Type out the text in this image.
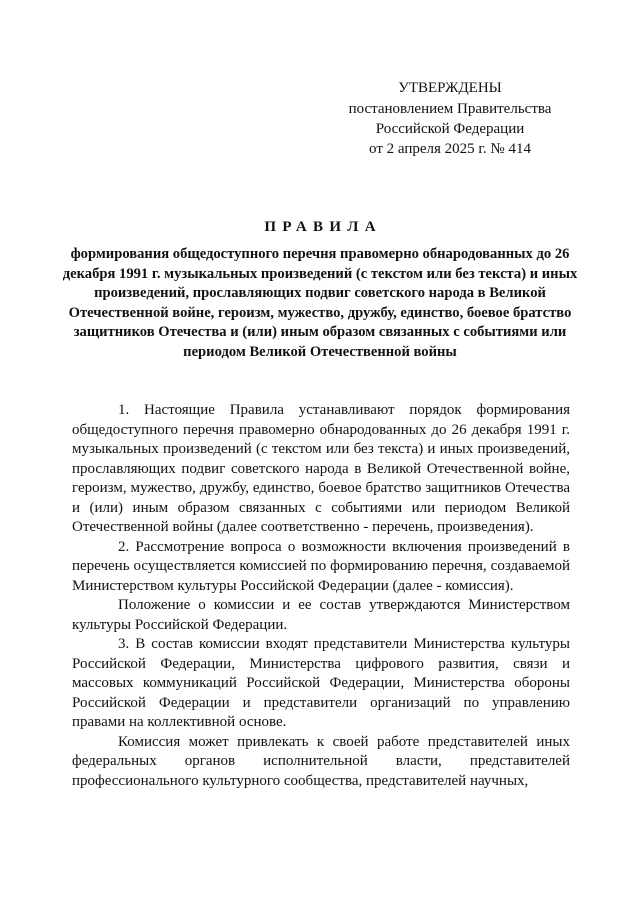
УТВЕРЖДЕНЫ
постановлением Правительства
Российской Федерации
от 2 апреля 2025 г. № 414
ПРАВИЛА
формирования общедоступного перечня правомерно обнародованных до 26 декабря 1991 г. музыкальных произведений (с текстом или без текста) и иных произведений, прославляющих подвиг советского народа в Великой Отечественной войне, героизм, мужество, дружбу, единство, боевое братство защитников Отечества и (или) иным образом связанных с событиями или периодом Великой Отечественной войны

1. Настоящие Правила устанавливают порядок формирования общедоступного перечня правомерно обнародованных до 26 декабря 1991 г. музыкальных произведений (с текстом или без текста) и иных произведений, прославляющих подвиг советского народа в Великой Отечественной войне, героизм, мужество, дружбу, единство, боевое братство защитников Отечества и (или) иным образом связанных с событиями или периодом Великой Отечественной войны (далее соответственно - перечень, произведения).

2. Рассмотрение вопроса о возможности включения произведений в перечень осуществляется комиссией по формированию перечня, создаваемой Министерством культуры Российской Федерации (далее - комиссия).

Положение о комиссии и ее состав утверждаются Министерством культуры Российской Федерации.

3. В состав комиссии входят представители Министерства культуры Российской Федерации, Министерства цифрового развития, связи и массовых коммуникаций Российской Федерации, Министерства обороны Российской Федерации и представители организаций по управлению правами на коллективной основе.

Комиссия может привлекать к своей работе представителей иных федеральных органов исполнительной власти, представителей профессионального культурного сообщества, представителей научных,
